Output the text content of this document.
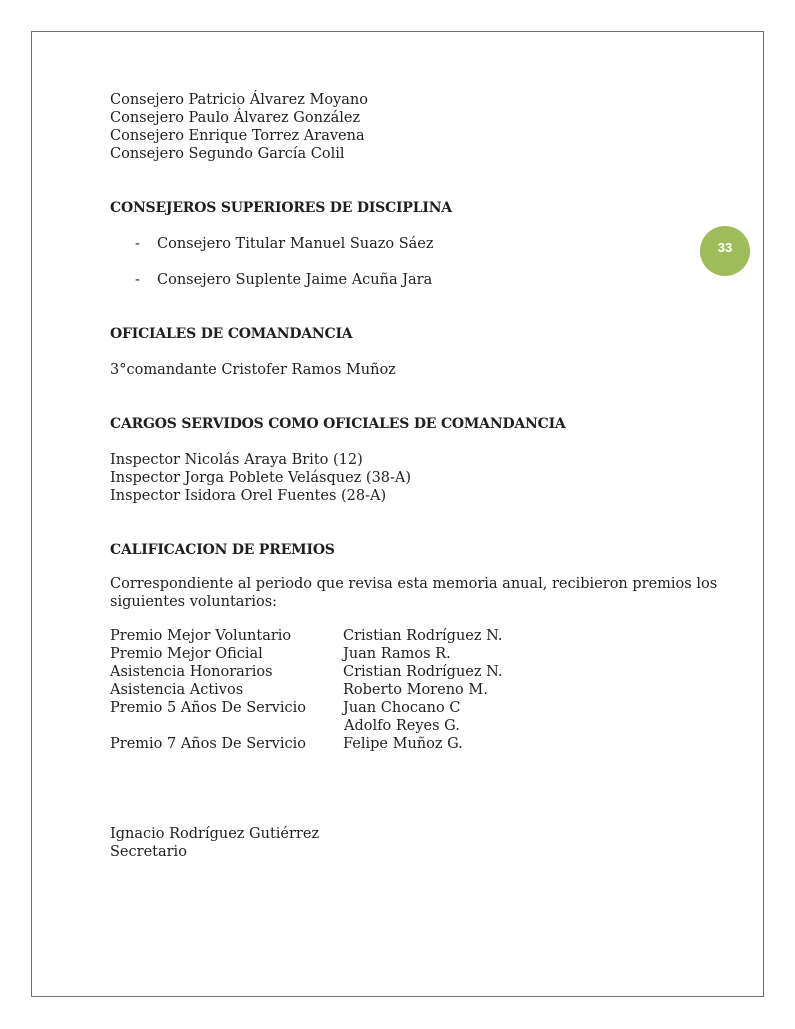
33
Consejero Patricio Álvarez Moyano
Consejero Paulo Álvarez González
Consejero Enrique Torrez Aravena
Consejero Segundo García Colil
CONSEJEROS SUPERIORES DE DISCIPLINA
-	Consejero Titular Manuel Suazo Sáez
-	Consejero Suplente Jaime Acuña Jara
OFICIALES DE COMANDANCIA
3°comandante Cristofer Ramos Muñoz
CARGOS SERVIDOS COMO OFICIALES DE COMANDANCIA
Inspector Nicolás Araya Brito (12)
Inspector Jorga Poblete Velásquez (38-A)
Inspector Isidora Orel Fuentes (28-A)
CALIFICACION DE PREMIOS
Correspondiente al periodo que revisa esta memoria anual, recibieron premios los
siguientes voluntarios:
Premio Mejor Voluntario	Cristian Rodríguez N.
Premio Mejor Oficial	Juan Ramos R.
Asistencia Honorarios	Cristian Rodríguez N.
Asistencia Activos	Roberto Moreno M.
Premio 5 Años De Servicio	Juan Chocano C
Adolfo Reyes G.
Premio 7 Años De Servicio	Felipe Muñoz G.
Ignacio Rodríguez Gutiérrez
Secretario
